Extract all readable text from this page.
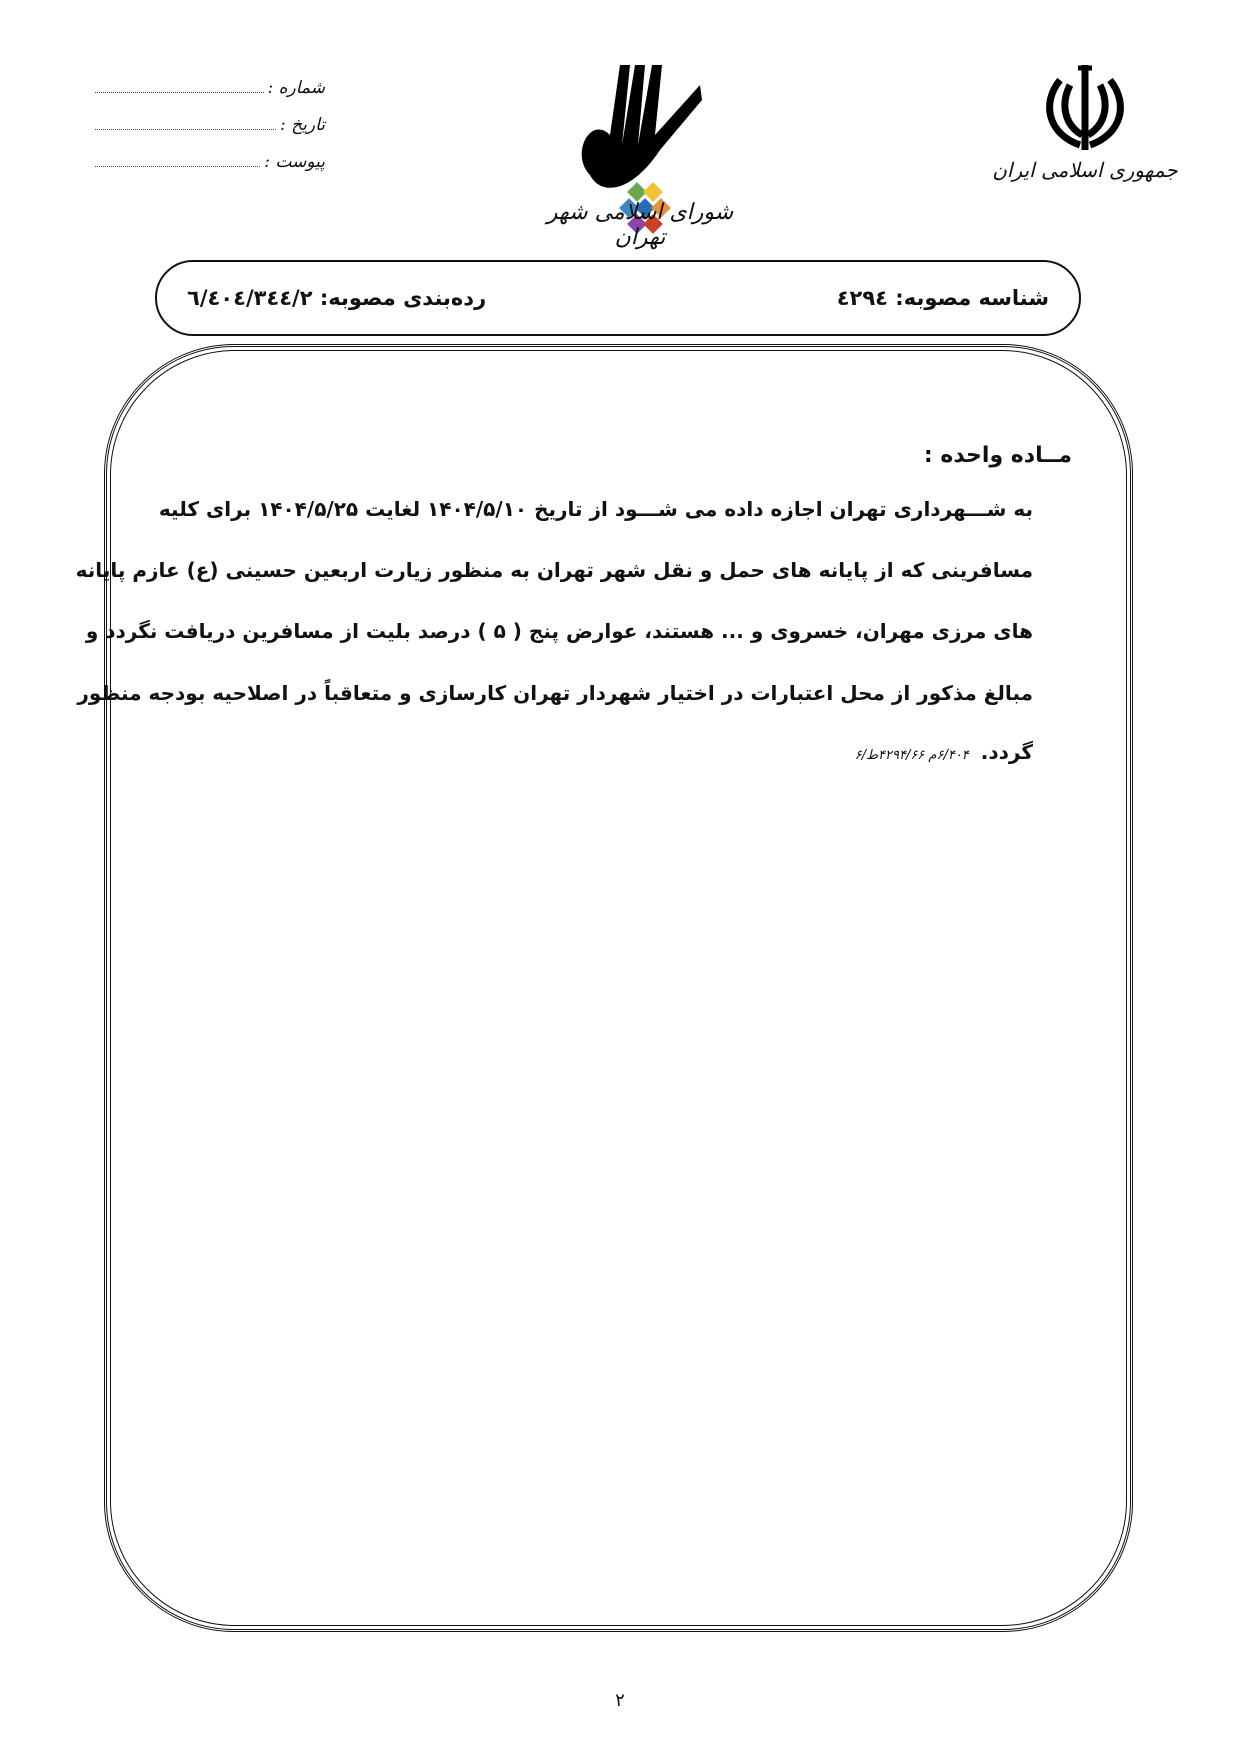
شماره :
تاریخ :
پیوست :
شورای اسلامی شهر تهران
جمهوری اسلامی ایران
شناسه مصوبه: ٤٢٩٤
رده‌بندی مصوبه: ٦/٤٠٤/٣٤٤/٢
مــاده واحده :
به شـــهرداری تهران اجازه داده می شـــود از تاریخ ۱۴۰۴/۵/۱۰ لغایت ۱۴۰۴/۵/۲۵ برای کلیه
مسافرینی که از پایانه های حمل و نقل شهر تهران به منظور زیارت اربعین حسینی (ع) عازم پایانه
های مرزی مهران، خسروی و ... هستند، عوارض پنج ( ۵ ) درصد بلیت از مسافرین دریافت نگردد و
مبالغ مذکور از محل اعتبارات در اختیار شهردار تهران کارسازی و متعاقباً در اصلاحیه بودجه منظور
گردد.۶/۴۰۴م ۴۲۹۴/۶۶ط/۶
۲
